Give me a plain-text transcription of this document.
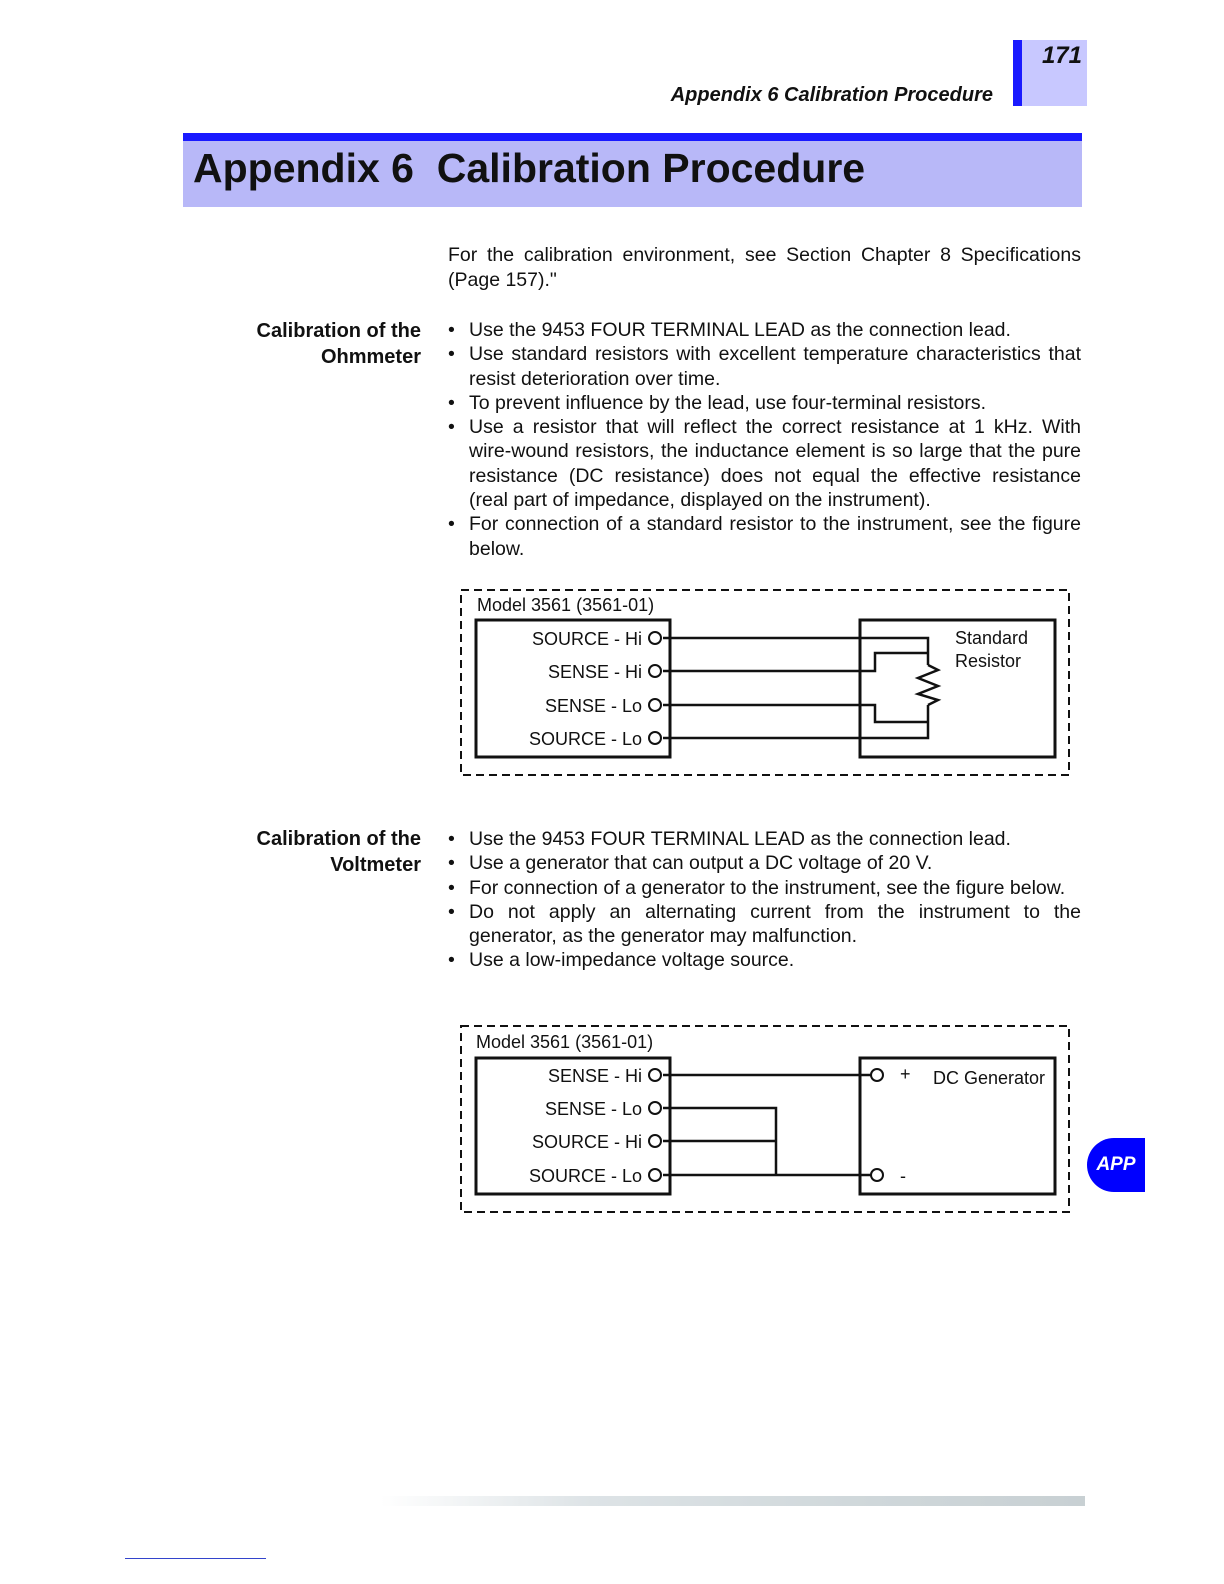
171
Appendix 6 Calibration Procedure
Appendix 6  Calibration Procedure
For the calibration environment, see Section Chapter 8 Specifications (Page 157)."
Calibration of the Ohmmeter
• Use the 9453 FOUR TERMINAL LEAD as the connection lead.
• Use standard resistors with excellent temperature characteristics that resist deterioration over time.
• To prevent influence by the lead, use four-terminal resistors.
• Use a resistor that will reflect the correct resistance at 1 kHz. With wire-wound resistors, the inductance element is so large that the pure resistance (DC resistance) does not equal the effective resistance (real part of impedance, displayed on the instrument).
• For connection of a standard resistor to the instrument, see the figure below.
Model 3561 (3561-01)
SOURCE - Hi
SENSE - Hi
SENSE - Lo
SOURCE - Lo
Standard
Resistor
Model 3561 (3561-01)
SENSE - Hi
SENSE - Lo
SOURCE - Hi
SOURCE - Lo
+
-
DC Generator
Calibration of the Voltmeter
• Use the 9453 FOUR TERMINAL LEAD as the connection lead.
• Use a generator that can output a DC voltage of 20 V.
• For connection of a generator to the instrument, see the figure below.
• Do not apply an alternating current from the instrument to the generator, as the generator may malfunction.
• Use a low-impedance voltage source.
APP
